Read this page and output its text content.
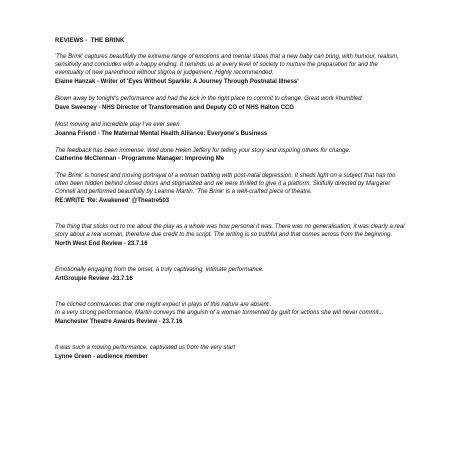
REVIEWS -  THE BRINK

'The Brink' captures beautifully the extreme range of emotions and mental states that a new baby can bring, with humour, realism, sensitivity and concludes with a happy ending. It reminds us at every level of society to nurture the preparation for and the eventuality of new parenthood without stigma or judgement. Highly recommended.

Elaine Hanzak - Writer of 'Eyes Without Sparkle: A Journey Through Postnatal Illness'

Blown away by tonight's performance and had the kick in the right place to commit to change. Great work #humbled

Dave Sweeney - NHS Director of Transformation and Deputy CO of NHS Halton CCG

Most moving and incredible play I've ever seen

Joanna Friend - The Maternal Mental Health Alliance: Everyone's Business

The feedback has been immense. Well done Helen Jeffery for telling your story and inspiring others for change.

Catherine McClennan - Programme Manager: Improving Me

'The Brink' is honest and moving portrayal of a woman battling with post-natal depression. It sheds light on a subject that has too often been hidden behind closed doors and stigmatized and we were thrilled to give it a platform. Skilfully directed by Margaret Connell and performed beautifully by Leanne Martin, 'The Brink' is a well-crafted piece of theatre.

RE:WRITE 'Re: Awakened' @Theatre503

The thing that sticks out to me about the play as a whole was how personal it was. There was no generalisation, it was clearly a real story about a real woman, therefore due credit to the script. The writing is so truthful and that comes across from the beginning.

North West End Review - 23.7.16

Emotionally engaging from the onset, a truly captivating, intimate performance.

ArtGroupie Review -23.7.16

The clichéd contrivances that one might expect in plays of this nature are absent..
In a very strong performance, Martin conveys the anguish of a woman tormented by guilt for actions she will never commit...

Manchester Theatre Awards Review - 23.7.16

It was such a moving performance, captivated us from the very start

Lynne Green - audience member
